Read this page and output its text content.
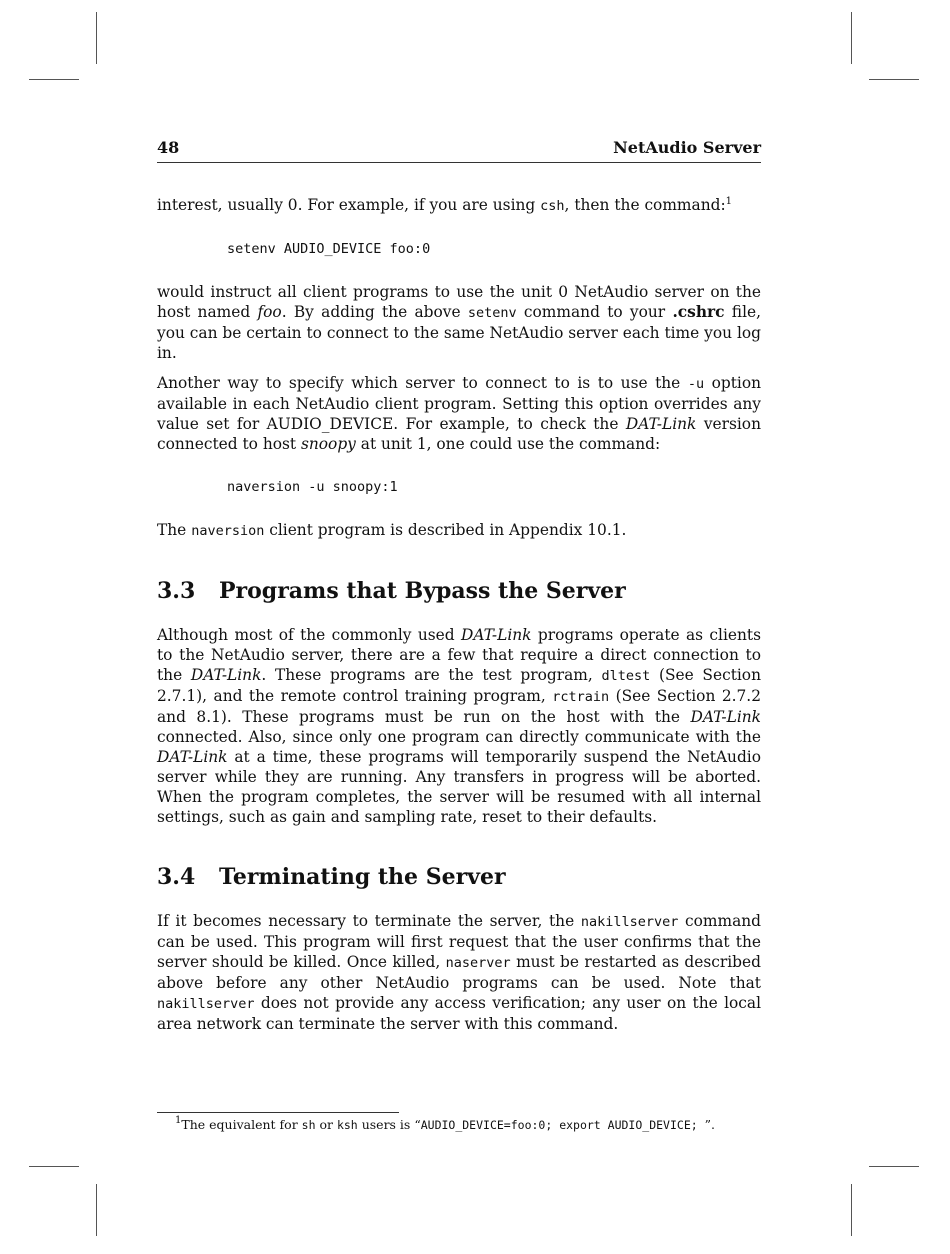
48	NetAudio Server

interest, usually 0. For example, if you are using csh, then the command:$^1$

setenv AUDIO_DEVICE foo:0

would instruct all client programs to use the unit 0 NetAudio server on the host named foo. By adding the above setenv command to your .cshrc file, you can be certain to connect to the same NetAudio server each time you log in.

Another way to specify which server to connect to is to use the -u option available in each NetAudio client program. Setting this option overrides any value set for AUDIO_DEVICE. For example, to check the DAT-Link version connected to host snoopy at unit 1, one could use the command:

naversion -u snoopy:1

The naversion client program is described in Appendix 10.1.

3.3 Programs that Bypass the Server

Although most of the commonly used DAT-Link programs operate as clients to the NetAudio server, there are a few that require a direct connection to the DAT-Link. These programs are the test program, dltest (See Section 2.7.1), and the remote control training program, rctrain (See Section 2.7.2 and 8.1). These programs must be run on the host with the DAT-Link connected. Also, since only one program can directly communicate with the DAT-Link at a time, these programs will temporarily suspend the NetAudio server while they are running. Any transfers in progress will be aborted. When the program completes, the server will be resumed with all internal settings, such as gain and sampling rate, reset to their defaults.

3.4 Terminating the Server

If it becomes necessary to terminate the server, the nakillserver command can be used. This program will first request that the user confirms that the server should be killed. Once killed, naserver must be restarted as described above before any other NetAudio programs can be used. Note that nakillserver does not provide any access verification; any user on the local area network can terminate the server with this command.

$^1$The equivalent for sh or ksh users is “AUDIO_DEVICE=foo:0; export AUDIO_DEVICE; ”.
